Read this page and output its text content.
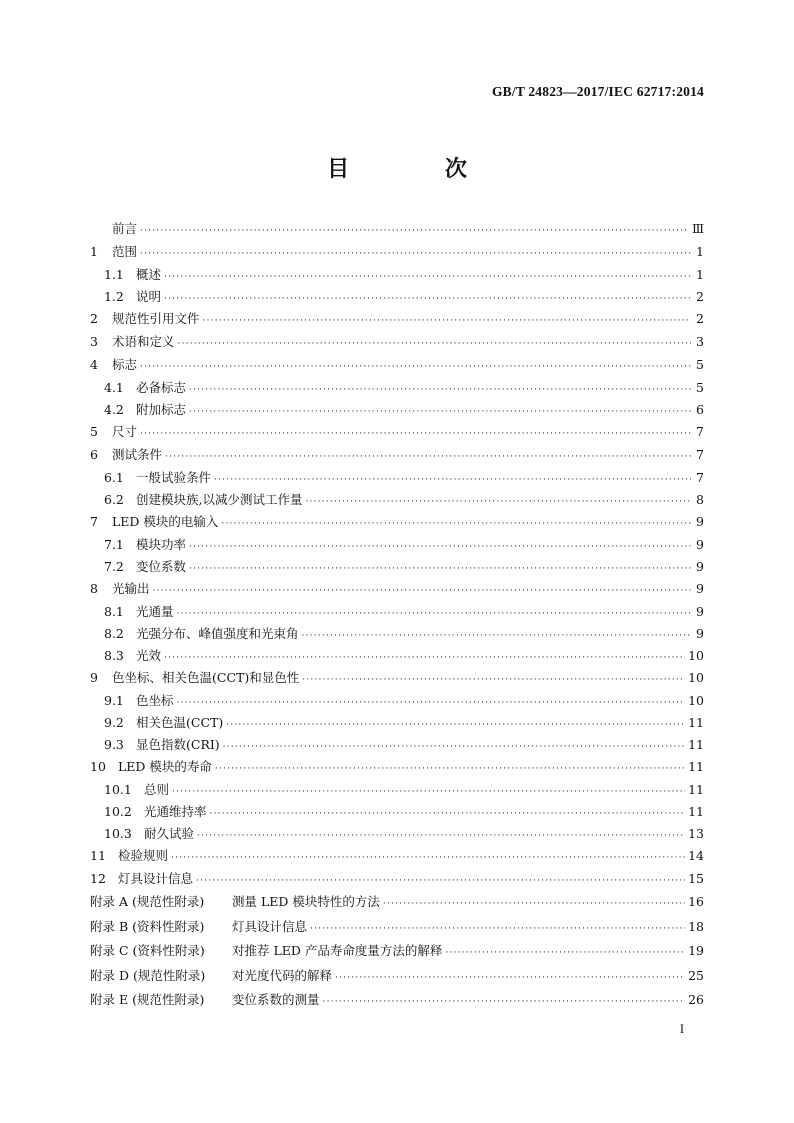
GB/T 24823—2017/IEC 62717:2014
目 次
前言 ·····	Ⅲ
1	范围 ·····	1
1.1 概述 ·····	1
1.2 说明 ·····	2
2	规范性引用文件 ·····	2
3	术语和定义 ·····	3
4	标志 ·····	5
4.1 必备标志 ·····	5
4.2 附加标志 ·····	6
5	尺寸 ·····	7
6	测试条件 ·····	7
6.1 一般试验条件 ·····	7
6.2 创建模块族,以减少测试工作量 ·····	8
7	LED 模块的电输入 ·····	9
7.1 模块功率 ·····	9
7.2 变位系数 ·····	9
8	光输出 ·····	9
8.1 光通量 ·····	9
8.2 光强分布、峰值强度和光束角 ·····	9
8.3 光效 ·····	10
9	色坐标、相关色温(CCT)和显色性 ·····	10
9.1 色坐标 ·····	10
9.2 相关色温(CCT) ·····	11
9.3 显色指数(CRI) ·····	11
10 LED 模块的寿命 ·····	11
10.1 总则 ·····	11
10.2 光通维持率 ·····	11
10.3 耐久试验 ·····	13
11 检验规则 ·····	14
12 灯具设计信息 ·····	15
附录 A (规范性附录)	测量 LED 模块特性的方法 ·····	16
附录 B (资料性附录)	灯具设计信息 ·····	18
附录 C (资料性附录)	对推荐 LED 产品寿命度量方法的解释 ·····	19
附录 D (规范性附录)	对光度代码的解释 ·····	25
附录 E (规范性附录)	变位系数的测量 ·····	26
I
